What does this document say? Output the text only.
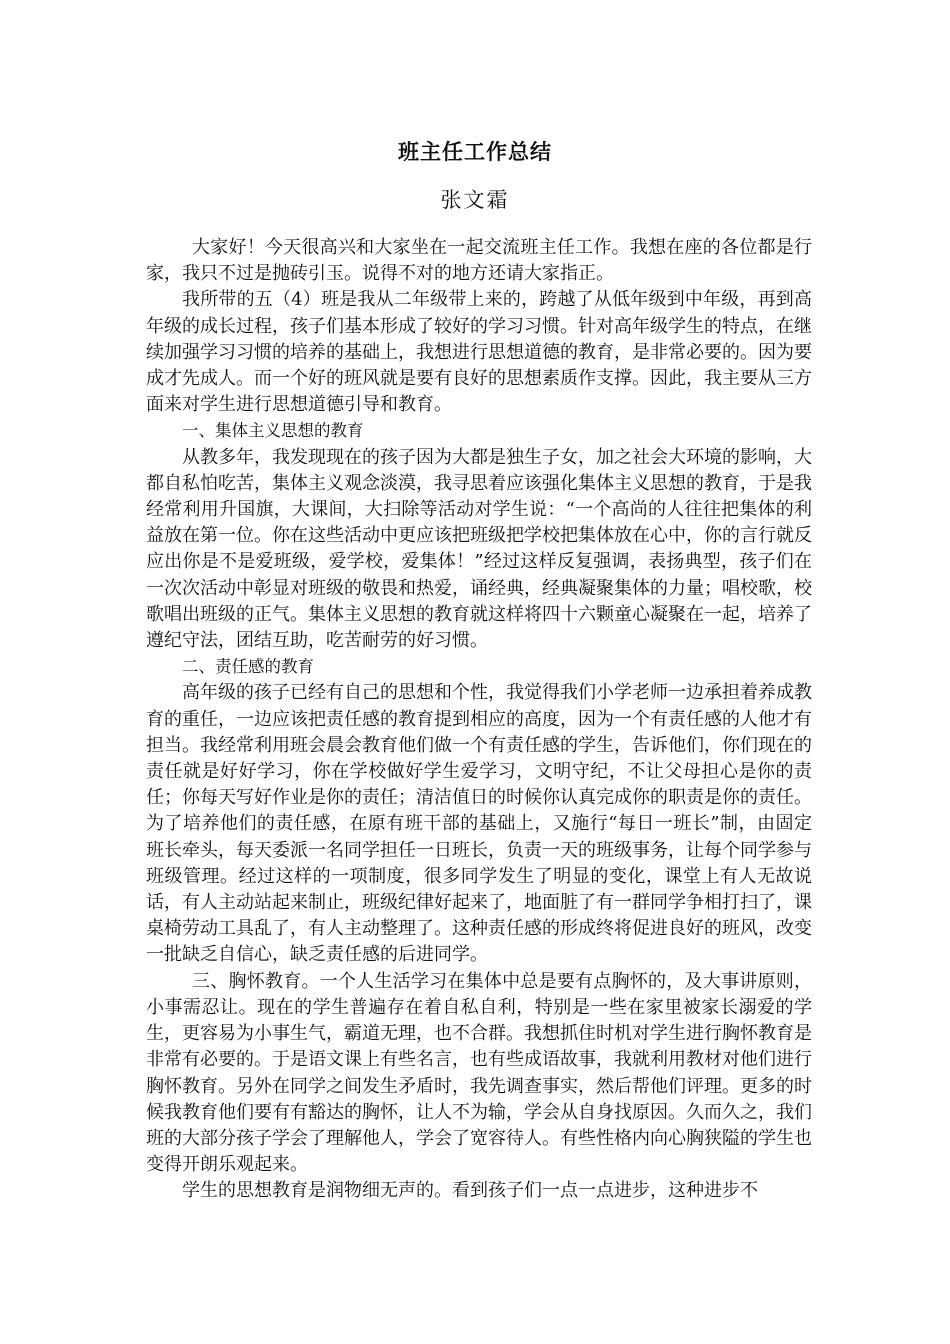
班主任工作总结
张文霜

大家好！今天很高兴和大家坐在一起交流班主任工作。我想在座的各位都是行家，我只不过是抛砖引玉。说得不对的地方还请大家指正。

我所带的五（4）班是我从二年级带上来的，跨越了从低年级到中年级，再到高年级的成长过程，孩子们基本形成了较好的学习习惯。针对高年级学生的特点，在继续加强学习习惯的培养的基础上，我想进行思想道德的教育，是非常必要的。因为要成才先成人。而一个好的班风就是要有良好的思想素质作支撑。因此，我主要从三方面来对学生进行思想道德引导和教育。

一、集体主义思想的教育

从教多年，我发现现在的孩子因为大都是独生子女，加之社会大环境的影响，大都自私怕吃苦，集体主义观念淡漠，我寻思着应该强化集体主义思想的教育，于是我经常利用升国旗，大课间，大扫除等活动对学生说：“一个高尚的人往往把集体的利益放在第一位。你在这些活动中更应该把班级把学校把集体放在心中，你的言行就反应出你是不是爱班级，爱学校，爱集体！”经过这样反复强调，表扬典型，孩子们在一次次活动中彰显对班级的敬畏和热爱，诵经典，经典凝聚集体的力量；唱校歌，校歌唱出班级的正气。集体主义思想的教育就这样将四十六颗童心凝聚在一起，培养了遵纪守法，团结互助，吃苦耐劳的好习惯。

二、责任感的教育

高年级的孩子已经有自己的思想和个性，我觉得我们小学老师一边承担着养成教育的重任，一边应该把责任感的教育提到相应的高度，因为一个有责任感的人他才有担当。我经常利用班会晨会教育他们做一个有责任感的学生，告诉他们，你们现在的责任就是好好学习，你在学校做好学生爱学习，文明守纪，不让父母担心是你的责任；你每天写好作业是你的责任；清洁值日的时候你认真完成你的职责是你的责任。为了培养他们的责任感，在原有班干部的基础上，又施行“每日一班长”制，由固定班长牵头，每天委派一名同学担任一日班长，负责一天的班级事务，让每个同学参与班级管理。经过这样的一项制度，很多同学发生了明显的变化，课堂上有人无故说话，有人主动站起来制止，班级纪律好起来了，地面脏了有一群同学争相打扫了，课桌椅劳动工具乱了，有人主动整理了。这种责任感的形成终将促进良好的班风，改变一批缺乏自信心，缺乏责任感的后进同学。

三、胸怀教育。一个人生活学习在集体中总是要有点胸怀的，及大事讲原则，小事需忍让。现在的学生普遍存在着自私自利，特别是一些在家里被家长溺爱的学生，更容易为小事生气，霸道无理，也不合群。我想抓住时机对学生进行胸怀教育是非常有必要的。于是语文课上有些名言，也有些成语故事，我就利用教材对他们进行胸怀教育。另外在同学之间发生矛盾时，我先调查事实，然后帮他们评理。更多的时候我教育他们要有有豁达的胸怀，让人不为输，学会从自身找原因。久而久之，我们班的大部分孩子学会了理解他人，学会了宽容待人。有些性格内向心胸狭隘的学生也变得开朗乐观起来。

学生的思想教育是润物细无声的。看到孩子们一点一点进步，这种进步不
